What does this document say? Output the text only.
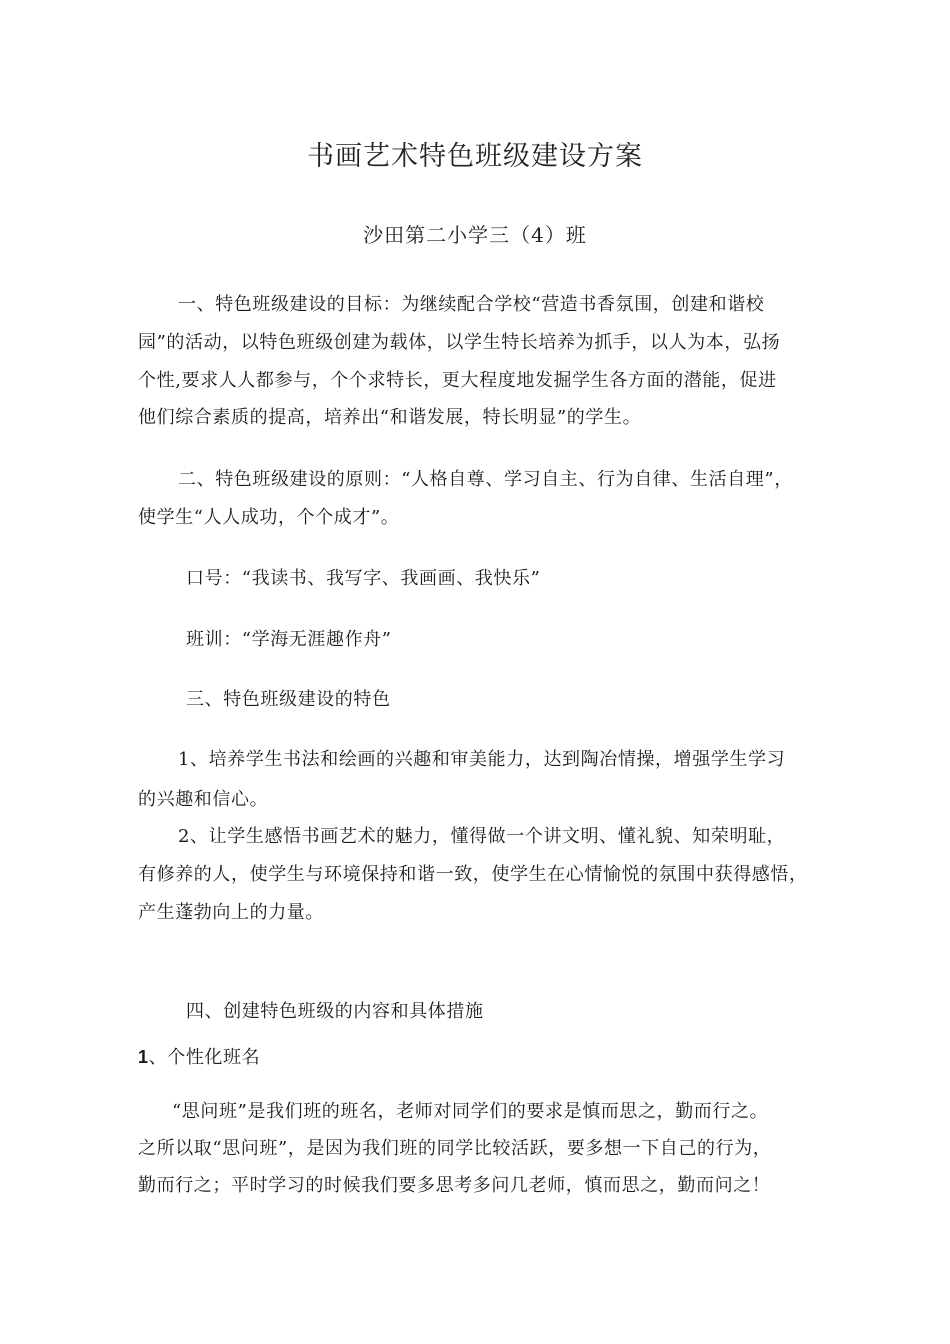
书画艺术特色班级建设方案
沙田第二小学三（4）班
一、特色班级建设的目标：为继续配合学校“营造书香氛围，创建和谐校
园”的活动，以特色班级创建为载体，以学生特长培养为抓手，以人为本，弘扬
个性,要求人人都参与，个个求特长，更大程度地发掘学生各方面的潜能，促进
他们综合素质的提高，培养出“和谐发展，特长明显”的学生。
二、特色班级建设的原则：“人格自尊、学习自主、行为自律、生活自理”，
使学生“人人成功，个个成才”。
口号：“我读书、我写字、我画画、我快乐”
班训：“学海无涯趣作舟”
三、特色班级建设的特色
1、培养学生书法和绘画的兴趣和审美能力，达到陶冶情操，增强学生学习
的兴趣和信心。
2、让学生感悟书画艺术的魅力，懂得做一个讲文明、懂礼貌、知荣明耻，
有修养的人，使学生与环境保持和谐一致，使学生在心情愉悦的氛围中获得感悟，
产生蓬勃向上的力量。
四、创建特色班级的内容和具体措施
1、个性化班名
“思问班”是我们班的班名，老师对同学们的要求是慎而思之，勤而行之。
之所以取“思问班”，是因为我们班的同学比较活跃，要多想一下自己的行为，
勤而行之；平时学习的时候我们要多思考多问几老师，慎而思之，勤而问之！
